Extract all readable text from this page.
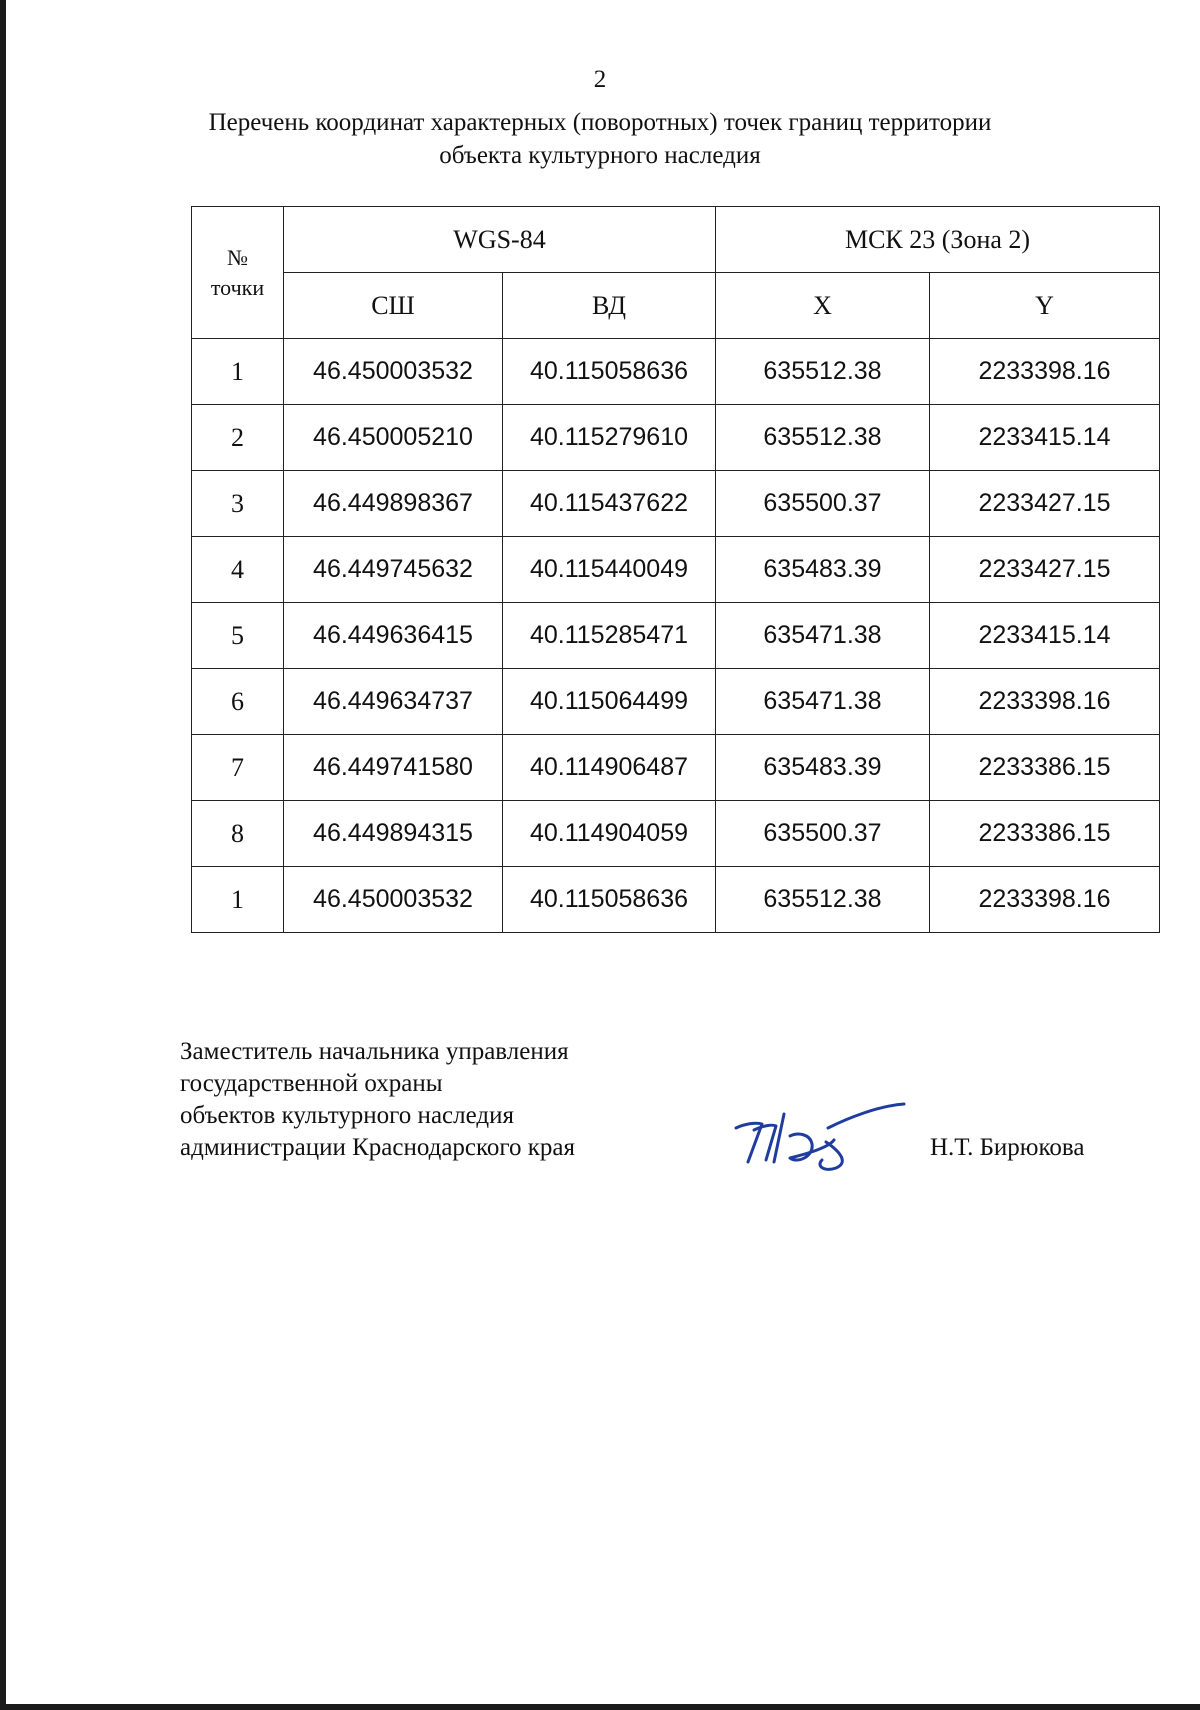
2
Перечень координат характерных (поворотных) точек границ территории
объекта культурного наследия
№
точки	WGS-84		МСК 23 (Зона 2)	
	СШ	ВД	X	Y
1	46.450003532	40.115058636	635512.38	2233398.16
2	46.450005210	40.115279610	635512.38	2233415.14
3	46.449898367	40.115437622	635500.37	2233427.15
4	46.449745632	40.115440049	635483.39	2233427.15
5	46.449636415	40.115285471	635471.38	2233415.14
6	46.449634737	40.115064499	635471.38	2233398.16
7	46.449741580	40.114906487	635483.39	2233386.15
8	46.449894315	40.114904059	635500.37	2233386.15
1	46.450003532	40.115058636	635512.38	2233398.16
Заместитель начальника управления
государственной охраны
объектов культурного наследия
администрации Краснодарского края	Н.Т. Бирюкова
